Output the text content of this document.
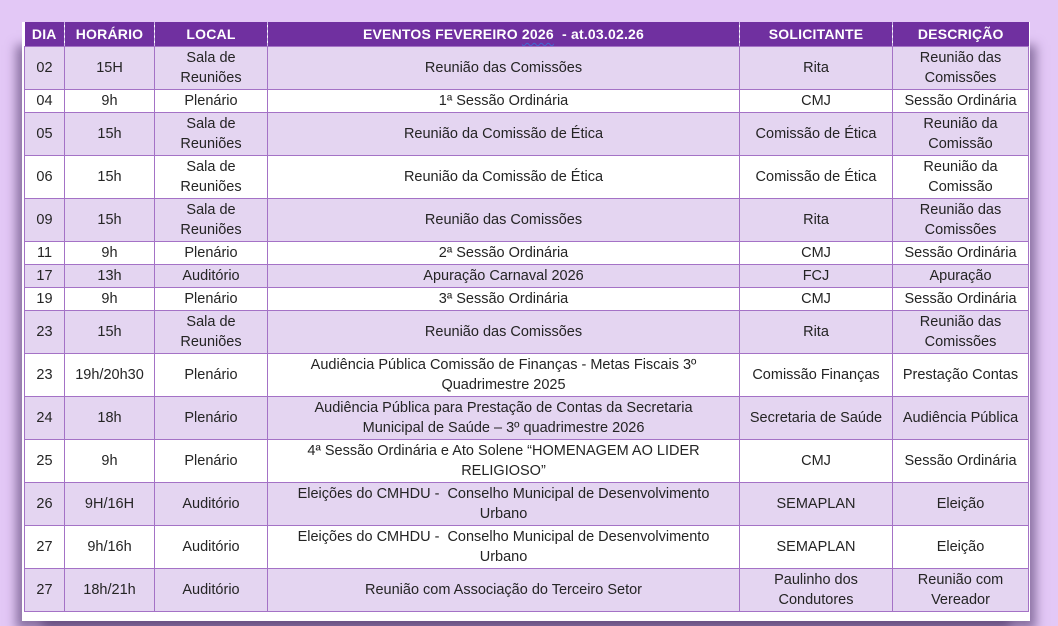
DIA	HORÁRIO	LOCAL	EVENTOS FEVEREIRO 2026  - at.03.02.26	SOLICITANTE	DESCRIÇÃO
02	15H	Sala de Reuniões	Reunião das Comissões	Rita	Reunião das Comissões
04	9h	Plenário	1ª Sessão Ordinária	CMJ	Sessão Ordinária
05	15h	Sala de Reuniões	Reunião da Comissão de Ética	Comissão de Ética	Reunião da Comissão
06	15h	Sala de Reuniões	Reunião da Comissão de Ética	Comissão de Ética	Reunião da Comissão
09	15h	Sala de Reuniões	Reunião das Comissões	Rita	Reunião das Comissões
11	9h	Plenário	2ª Sessão Ordinária	CMJ	Sessão Ordinária
17	13h	Auditório	Apuração Carnaval 2026	FCJ	Apuração
19	9h	Plenário	3ª Sessão Ordinária	CMJ	Sessão Ordinária
23	15h	Sala de Reuniões	Reunião das Comissões	Rita	Reunião das Comissões
23	19h/20h30	Plenário	Audiência Pública Comissão de Finanças - Metas Fiscais 3º Quadrimestre 2025	Comissão Finanças	Prestação Contas
24	18h	Plenário	Audiência Pública para Prestação de Contas da Secretaria Municipal de Saúde – 3º quadrimestre 2026	Secretaria de Saúde	Audiência Pública
25	9h	Plenário	4ª Sessão Ordinária e Ato Solene “HOMENAGEM AO LIDER RELIGIOSO”	CMJ	Sessão Ordinária
26	9H/16H	Auditório	Eleições do CMHDU -  Conselho Municipal de Desenvolvimento Urbano	SEMAPLAN	Eleição
27	9h/16h	Auditório	Eleições do CMHDU -  Conselho Municipal de Desenvolvimento Urbano	SEMAPLAN	Eleição
27	18h/21h	Auditório	Reunião com Associação do Terceiro Setor	Paulinho dos Condutores	Reunião com Vereador
